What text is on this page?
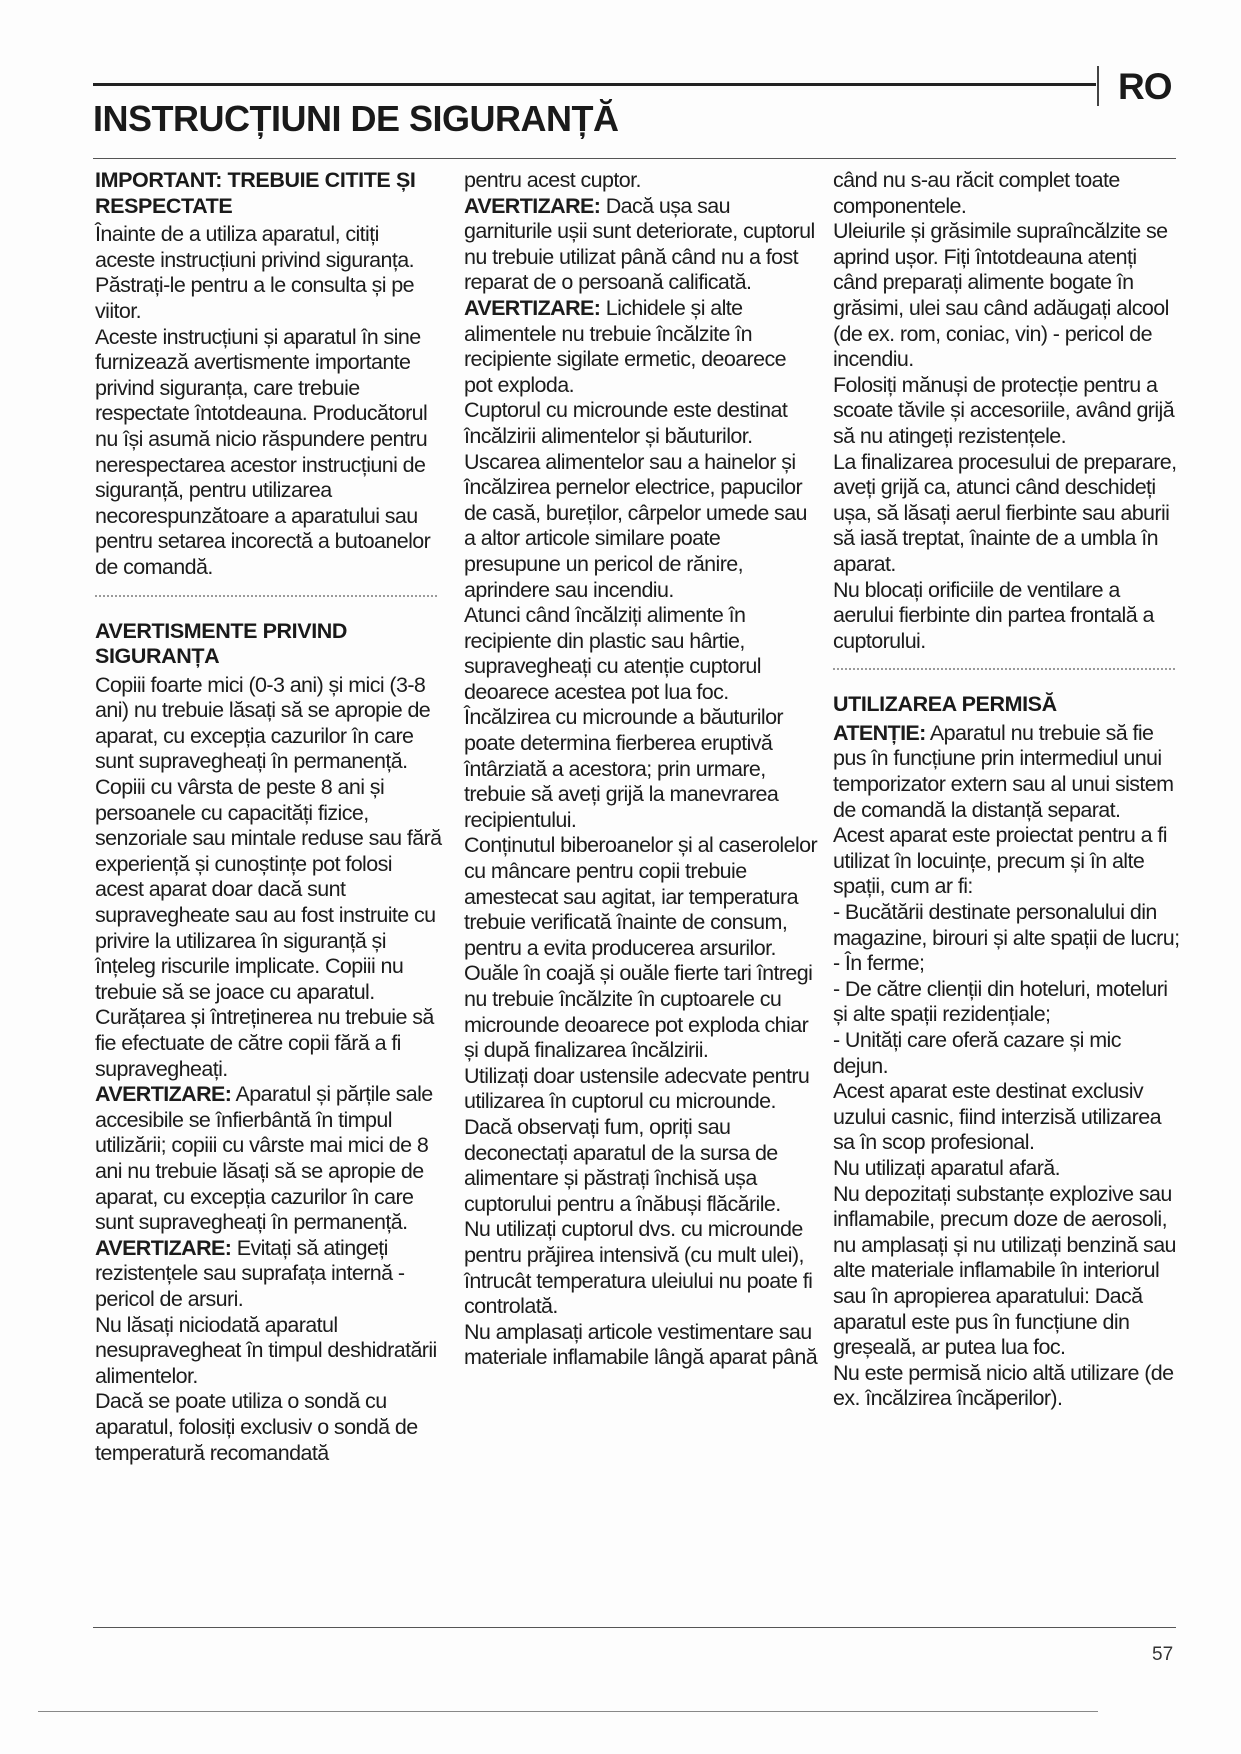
RO
INSTRUCȚIUNI DE SIGURANȚĂ
IMPORTANT: TREBUIE CITITE ȘI RESPECTATE

Înainte de a utiliza aparatul, citiți aceste instrucțiuni privind siguranța.

Păstrați-le pentru a le consulta și pe viitor.

Aceste instrucțiuni și aparatul în sine furnizează avertismente importante privind siguranța, care trebuie respectate întotdeauna. Producătorul nu își asumă nicio răspundere pentru nerespectarea acestor instrucțiuni de siguranță, pentru utilizarea necorespunzătoare a aparatului sau pentru setarea incorectă a butoanelor de comandă.

AVERTISMENTE PRIVIND SIGURANȚA

Copiii foarte mici (0-3 ani) și mici (3-8 ani) nu trebuie lăsați să se apropie de aparat, cu excepția cazurilor în care sunt supravegheați în permanență.

Copiii cu vârsta de peste 8 ani și persoanele cu capacități fizice, senzoriale sau mintale reduse sau fără experiență și cunoștințe pot folosi acest aparat doar dacă sunt supravegheate sau au fost instruite cu privire la utilizarea în siguranță și înțeleg riscurile implicate. Copiii nu trebuie să se joace cu aparatul. Curățarea și întreținerea nu trebuie să fie efectuate de către copii fără a fi supravegheați.

AVERTIZARE: Aparatul și părțile sale accesibile se înfierbântă în timpul utilizării; copiii cu vârste mai mici de 8 ani nu trebuie lăsați să se apropie de aparat, cu excepția cazurilor în care sunt supravegheați în permanență.

AVERTIZARE: Evitați să atingeți rezistențele sau suprafața internă - pericol de arsuri.

Nu lăsați niciodată aparatul nesupravegheat în timpul deshidratării alimentelor.

Dacă se poate utiliza o sondă cu aparatul, folosiți exclusiv o sondă de temperatură recomandată

pentru acest cuptor.

AVERTIZARE: Dacă ușa sau garniturile ușii sunt deteriorate, cuptorul nu trebuie utilizat până când nu a fost reparat de o persoană calificată.

AVERTIZARE: Lichidele și alte alimentele nu trebuie încălzite în recipiente sigilate ermetic, deoarece pot exploda.

Cuptorul cu microunde este destinat încălzirii alimentelor și băuturilor. Uscarea alimentelor sau a hainelor și încălzirea pernelor electrice, papucilor de casă, bureților, cârpelor umede sau a altor articole similare poate presupune un pericol de rănire, aprindere sau incendiu.

Atunci când încălziți alimente în recipiente din plastic sau hârtie, supravegheați cu atenție cuptorul deoarece acestea pot lua foc.

Încălzirea cu microunde a băuturilor poate determina fierberea eruptivă întârziată a acestora; prin urmare, trebuie să aveți grijă la manevrarea recipientului.

Conținutul biberoanelor și al caserolelor cu mâncare pentru copii trebuie amestecat sau agitat, iar temperatura trebuie verificată înainte de consum, pentru a evita producerea arsurilor.

Ouăle în coajă și ouăle fierte tari întregi nu trebuie încălzite în cuptoarele cu microunde deoarece pot exploda chiar și după finalizarea încălzirii.

Utilizați doar ustensile adecvate pentru utilizarea în cuptorul cu microunde.

Dacă observați fum, opriți sau deconectați aparatul de la sursa de alimentare și păstrați închisă ușa cuptorului pentru a înăbuși flăcările.

Nu utilizați cuptorul dvs. cu microunde pentru prăjirea intensivă (cu mult ulei), întrucât temperatura uleiului nu poate fi controlată.

Nu amplasați articole vestimentare sau materiale inflamabile lângă aparat până

când nu s-au răcit complet toate componentele.

Uleiurile și grăsimile supraîncălzite se aprind ușor. Fiți întotdeauna atenți când preparați alimente bogate în grăsimi, ulei sau când adăugați alcool (de ex. rom, coniac, vin) - pericol de incendiu.

Folosiți mănuși de protecție pentru a scoate tăvile și accesoriile, având grijă să nu atingeți rezistențele.

La finalizarea procesului de preparare, aveți grijă ca, atunci când deschideți ușa, să lăsați aerul fierbinte sau aburii să iasă treptat, înainte de a umbla în aparat.

Nu blocați orificiile de ventilare a aerului fierbinte din partea frontală a cuptorului.

UTILIZAREA PERMISĂ

ATENȚIE: Aparatul nu trebuie să fie pus în funcțiune prin intermediul unui temporizator extern sau al unui sistem de comandă la distanță separat.

Acest aparat este proiectat pentru a fi utilizat în locuințe, precum și în alte spații, cum ar fi:

- Bucătării destinate personalului din magazine, birouri și alte spații de lucru;

- În ferme;

- De către clienții din hoteluri, moteluri și alte spații rezidențiale;

- Unități care oferă cazare și mic dejun.

Acest aparat este destinat exclusiv uzului casnic, fiind interzisă utilizarea sa în scop profesional.

Nu utilizați aparatul afară.

Nu depozitați substanțe explozive sau inflamabile, precum doze de aerosoli, nu amplasați și nu utilizați benzină sau alte materiale inflamabile în interiorul sau în apropierea aparatului: Dacă aparatul este pus în funcțiune din greșeală, ar putea lua foc.

Nu este permisă nicio altă utilizare (de ex. încălzirea încăperilor).

57
